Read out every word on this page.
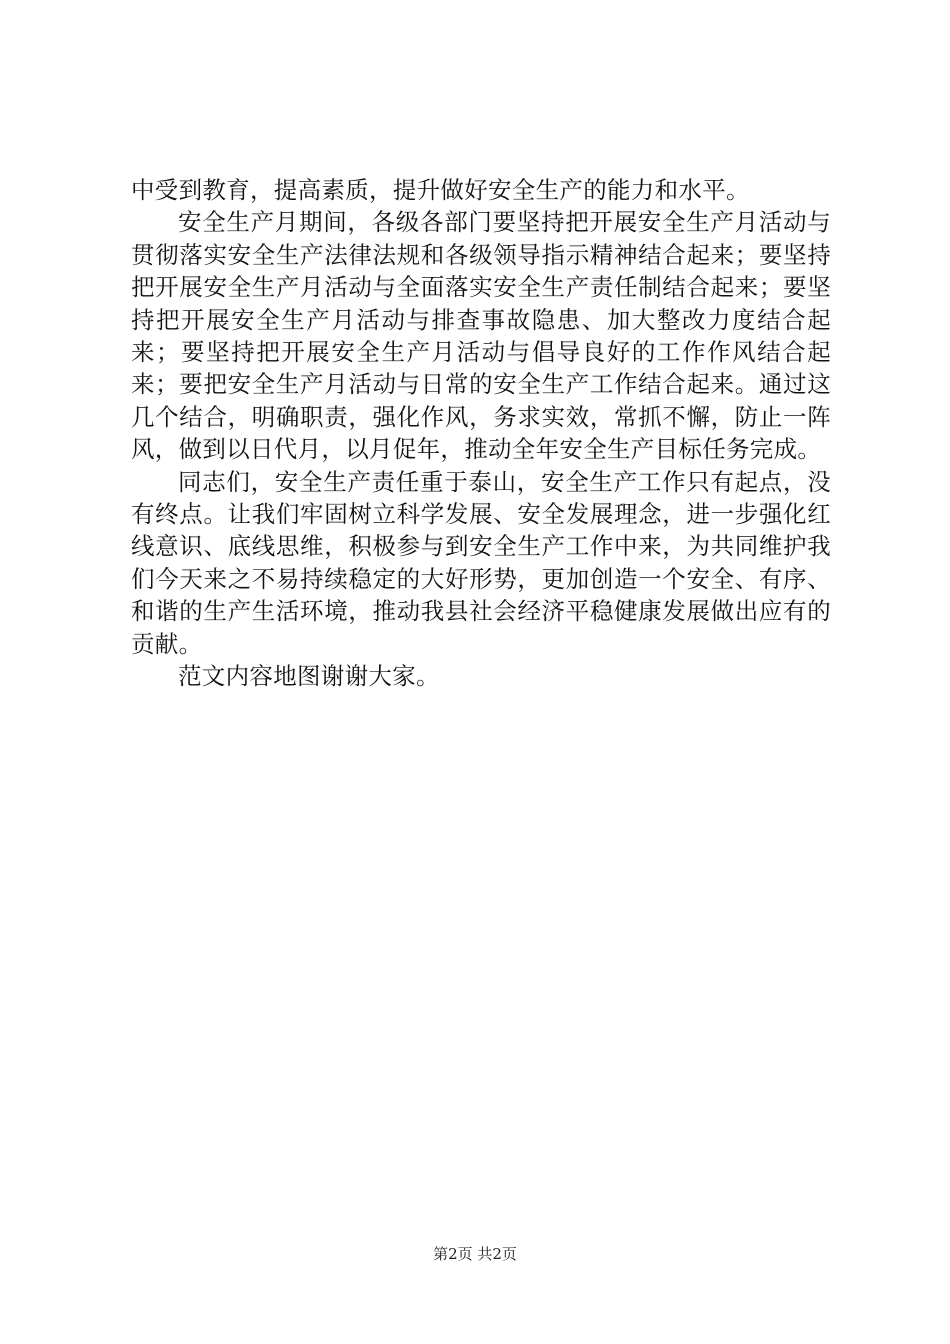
中受到教育，提高素质，提升做好安全生产的能力和水平。

安全生产月期间，各级各部门要坚持把开展安全生产月活动与贯彻落实安全生产法律法规和各级领导指示精神结合起来；要坚持把开展安全生产月活动与全面落实安全生产责任制结合起来；要坚持把开展安全生产月活动与排查事故隐患、加大整改力度结合起来；要坚持把开展安全生产月活动与倡导良好的工作作风结合起来；要把安全生产月活动与日常的安全生产工作结合起来。通过这几个结合，明确职责，强化作风，务求实效，常抓不懈，防止一阵风，做到以日代月，以月促年，推动全年安全生产目标任务完成。

同志们，安全生产责任重于泰山，安全生产工作只有起点，没有终点。让我们牢固树立科学发展、安全发展理念，进一步强化红线意识、底线思维，积极参与到安全生产工作中来，为共同维护我们今天来之不易持续稳定的大好形势，更加创造一个安全、有序、和谐的生产生活环境，推动我县社会经济平稳健康发展做出应有的贡献。

范文内容地图谢谢大家。

第2页 共2页
